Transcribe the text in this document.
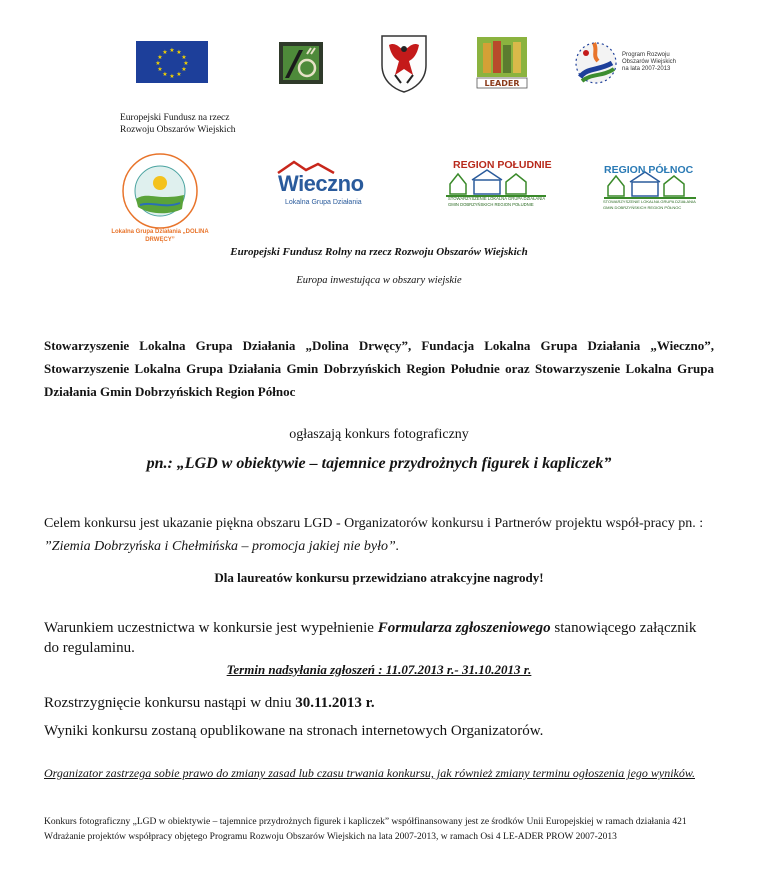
★ ★
★
★
★
★
★
★
★
★
★
★
LEADER
Program Rozwoju Obszarów Wiejskich
na lata 2007-2013
Europejski Fundusz na rzecz
Rozwoju Obszarów Wiejskich
Lokalna Grupa Działania „DOLINA DRWĘCY”
Wieczno
Lokalna Grupa Działania
REGION POŁUDNIE
STOWARZYSZENIE LOKALNA GRUPA DZIAŁANIA
GMIN DOBRZYŃSKICH REGION POŁUDNIE
REGION PÓŁNOC
STOWARZYSZENIE LOKALNA GRUPA DZIAŁANIA
GMIN DOBRZYŃSKICH REGION PÓŁNOC
Europejski Fundusz Rolny na rzecz Rozwoju Obszarów Wiejskich
Europa inwestująca w obszary wiejskie
Stowarzyszenie Lokalna Grupa Działania „Dolina Drwęcy”, Fundacja Lokalna Grupa Działania „Wieczno”, Stowarzyszenie Lokalna Grupa Działania Gmin Dobrzyńskich Region Południe oraz Stowarzyszenie Lokalna Grupa Działania Gmin Dobrzyńskich Region Północ
ogłaszają konkurs fotograficzny
pn.: „LGD w obiektywie – tajemnice przydrożnych figurek i kapliczek”
Celem konkursu jest ukazanie piękna obszaru LGD - Organizatorów konkursu i Partnerów projektu współ-pracy pn. : ”Ziemia Dobrzyńska i Chełmińska – promocja jakiej nie było”.
Dla laureatów konkursu przewidziano atrakcyjne nagrody!
Warunkiem uczestnictwa w konkursie jest wypełnienie Formularza zgłoszeniowego stanowiącego załącznik do regulaminu.
Termin nadsyłania zgłoszeń : 11.07.2013 r.- 31.10.2013 r.
Rozstrzygnięcie konkursu nastąpi w dniu 30.11.2013 r.
Wyniki konkursu zostaną opublikowane na stronach internetowych Organizatorów.
Organizator zastrzega sobie prawo do zmiany zasad lub czasu trwania konkursu, jak również zmiany terminu ogłoszenia jego wyników.
Konkurs fotograficzny „LGD w obiektywie – tajemnice przydrożnych figurek i kapliczek” współfinansowany jest ze środków Unii Europejskiej w ramach działania 421 Wdrażanie projektów współpracy objętego Programu Rozwoju Obszarów Wiejskich na lata 2007-2013, w ramach Osi 4 LE-ADER PROW 2007-2013
